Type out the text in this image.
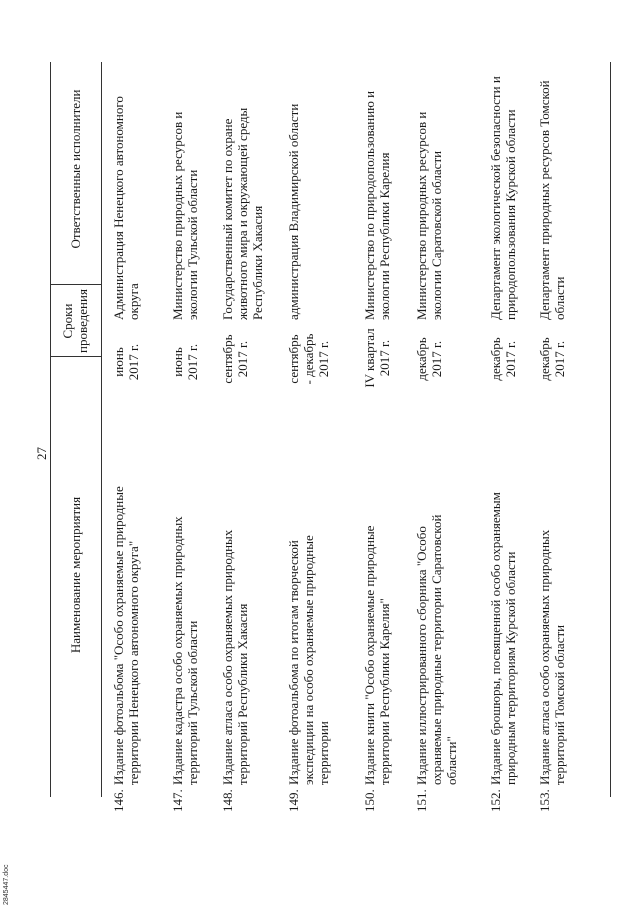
27
Наименование мероприятия
Сроки проведения
Ответственные исполнители
146.
Издание фотоальбома "Особо охраняемые природные территории Ненецкого автономного округа"
июнь 2017 г.
Администрация Ненецкого автономного округа
147.
Издание кадастра особо охраняемых природных территорий Тульской области
июнь 2017 г.
Министерство природных ресурсов и экологии Тульской области
148.
Издание атласа особо охраняемых природных территорий Республики Хакасия
сентябрь 2017 г.
Государственный комитет по охране животного мира и окружающей среды Республики Хакасия
149.
Издание фотоальбома по итогам творческой экспедиции на особо охраняемые природные территории
сентябрь - декабрь 2017 г.
администрация Владимирской области
150.
Издание книги "Особо охраняемые природные территории Республики Карелия"
IV квартал 2017 г.
Министерство по природопользованию и экологии Республики Карелия
151.
Издание иллюстрированного сборника "Особо охраняемые природные территории Саратовской области"
декабрь 2017 г.
Министерство природных ресурсов и экологии Саратовской области
152.
Издание брошюры, посвященной особо охраняемым природным территориям Курской области
декабрь 2017 г.
Департамент экологической безопасности и природопользования Курской области
153.
Издание атласа особо охраняемых природных территорий Томской области
декабрь 2017 г.
Департамент природных ресурсов Томской области
2845447.doc
